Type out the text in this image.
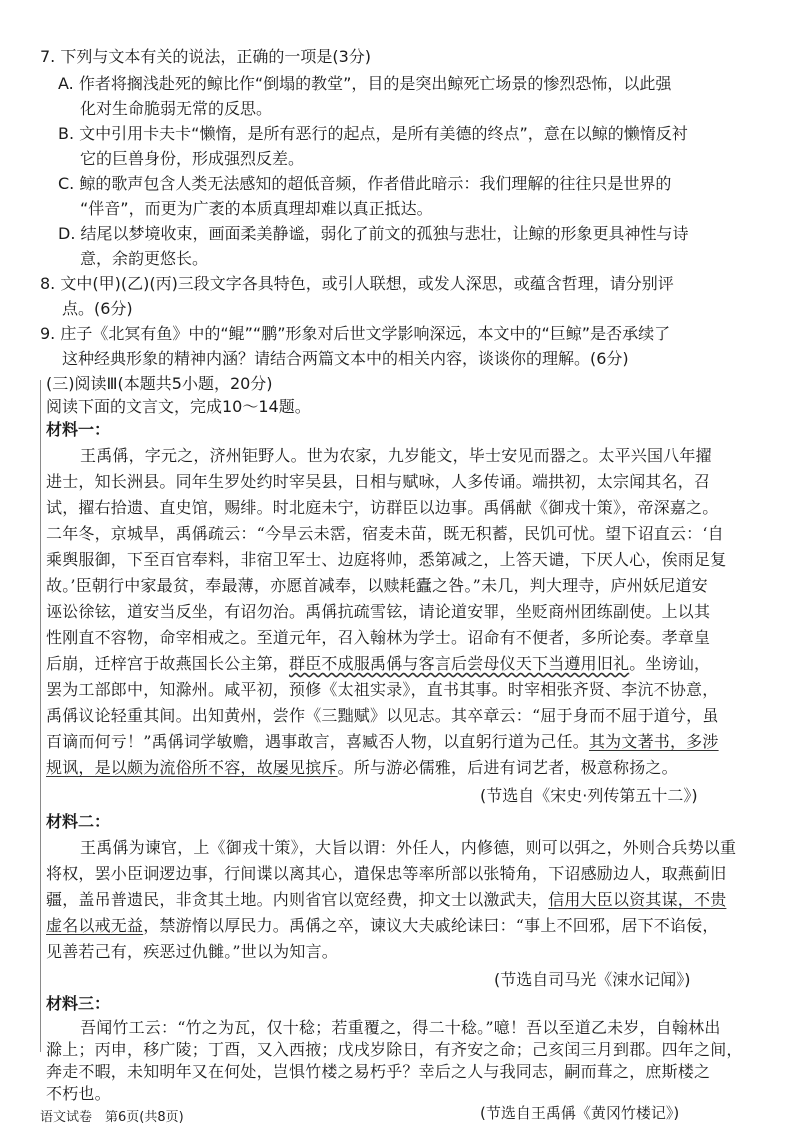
7. 下列与文本有关的说法，正确的一项是(3分)
A. 作者将搁浅赴死的鲸比作“倒塌的教堂”，目的是突出鲸死亡场景的惨烈恐怖，以此强
化对生命脆弱无常的反思。
B. 文中引用卡夫卡“懒惰，是所有恶行的起点，是所有美德的终点”，意在以鲸的懒惰反衬
它的巨兽身份，形成强烈反差。
C. 鲸的歌声包含人类无法感知的超低音频，作者借此暗示：我们理解的往往只是世界的
“伴音”，而更为广袤的本质真理却难以真正抵达。
D. 结尾以梦境收束，画面柔美静谧，弱化了前文的孤独与悲壮，让鲸的形象更具神性与诗
意，余韵更悠长。
8. 文中(甲)(乙)(丙)三段文字各具特色，或引人联想，或发人深思，或蕴含哲理，请分别评
点。(6分)
9. 庄子《北冥有鱼》中的“鲲”“鹏”形象对后世文学影响深远，本文中的“巨鲸”是否承续了
这种经典形象的精神内涵？请结合两篇文本中的相关内容，谈谈你的理解。(6分)
(三)阅读Ⅲ(本题共5小题，20分)
阅读下面的文言文，完成10～14题。
材料一：
王禹偁，字元之，济州钜野人。世为农家，九岁能文，毕士安见而器之。太平兴国八年擢
进士，知长洲县。同年生罗处约时宰吴县，日相与赋咏，人多传诵。端拱初，太宗闻其名，召
试，擢右拾遗、直史馆，赐绯。时北庭未宁，访群臣以边事。禹偁献《御戎十策》，帝深嘉之。
二年冬，京城旱，禹偁疏云：“今旱云未霑，宿麦未苗，既无积蓄，民饥可忧。望下诏直云：‘自
乘舆服御，下至百官奉料，非宿卫军士、边庭将帅，悉第减之，上答天谴，下厌人心，俟雨足复
故。’臣朝行中家最贫，奉最薄，亦愿首减奉，以赎耗蠹之咎。”未几，判大理寺，庐州妖尼道安
诬讼徐铉，道安当反坐，有诏勿治。禹偁抗疏雪铉，请论道安罪，坐贬商州团练副使。上以其
性刚直不容物，命宰相戒之。至道元年，召入翰林为学士。诏命有不便者，多所论奏。孝章皇
后崩，迁梓宫于故燕国长公主第，群臣不成服禹偁与客言后尝母仪天下当遵用旧礼。坐谤讪，
罢为工部郎中，知滁州。咸平初，预修《太祖实录》，直书其事。时宰相张齐贤、李沆不协意，
禹偁议论轻重其间。出知黄州，尝作《三黜赋》以见志。其卒章云：“屈于身而不屈于道兮，虽
百谪而何亏！”禹偁词学敏赡，遇事敢言，喜臧否人物，以直躬行道为己任。其为文著书，多涉
规讽，是以颇为流俗所不容，故屡见摈斥。所与游必儒雅，后进有词艺者，极意称扬之。
(节选自《宋史·列传第五十二》)
材料二：
王禹偁为谏官，上《御戎十策》，大旨以谓：外任人，内修德，则可以弭之，外则合兵势以重
将权，罢小臣诇逻边事，行间谍以离其心，遣保忠等率所部以张犄角，下诏感励边人，取燕蓟旧
疆，盖吊普遗民，非贪其土地。内则省官以宽经费，抑文士以激武夫，信用大臣以资其谋，不贵
虚名以戒无益，禁游惰以厚民力。禹偁之卒，谏议大夫戚纶诔曰：“事上不回邪，居下不谄佞，
见善若己有，疾恶过仇雠。”世以为知言。
(节选自司马光《涑水记闻》)
材料三：
吾闻竹工云：“竹之为瓦，仅十稔；若重覆之，得二十稔。”噫！吾以至道乙未岁，自翰林出
滁上；丙申，移广陵；丁酉，又入西掖；戊戌岁除日，有齐安之命；己亥闰三月到郡。四年之间，
奔走不暇，未知明年又在何处，岂惧竹楼之易朽乎？幸后之人与我同志，嗣而葺之，庶斯楼之
不朽也。
(节选自王禹偁《黄冈竹楼记》)
语文试卷　第6页(共8页)
